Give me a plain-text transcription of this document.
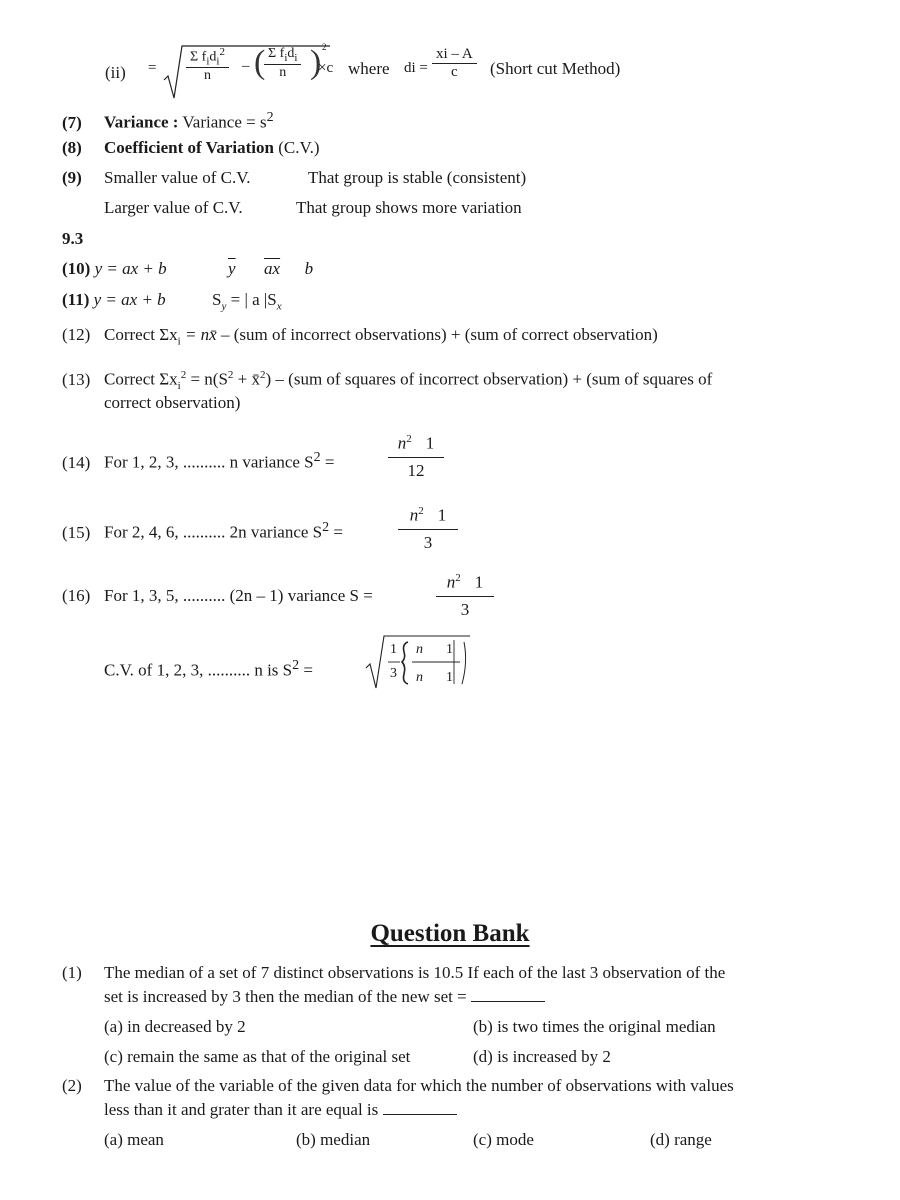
(ii) =
Σ $f_id_i^2$
n
– ( Σ $f_id_i$
n ) 2
×c where di = $\frac{xi - A}{c}$ (Short cut Method)
(7) Variance : Variance = $s^2$
(8) Coefficient of Variation (C.V.)
(9) Smaller value of C.V.	That group is stable (consistent)
Larger value of C.V.	That group shows more variation
9.3
(10) y = ax + b	$\overline{y}$ $\overline{ax}$ b
(11) y = ax + b	$S_y$ = | a $|S_x$
(12) Correct $\Sigma x_i$ = nx̄ – (sum of incorrect observations) + (sum of correct observation)
(13) Correct $\Sigma x_i^2 = n(S^2$ + x̄$^2$) – (sum of squares of incorrect observation) + (sum of squares of
correct observation)
(14) For 1, 2, 3, .......... n variance $S^2$ =
$n^2$ 1
12
(15) For 2, 4, 6, .......... 2n variance $S^2$ =
$n^2$ 1
3
(16) For 1, 3, 5, .......... (2n – 1) variance S =
$n^2$ 1
3
C.V. of 1, 2, 3, .......... n is $S^2$ =
1
3
n 1
n 1
Question Bank
(1) The median of a set of 7 distinct observations is 10.5 If each of the last 3 observation of the
set is increased by 3 then the median of the new set =
(a) in decreased by 2	(b) is two times the original median
(c) remain the same as that of the original set	(d) is increased by 2
(2) The value of the variable of the given data for which the number of observations with values
less than it and grater than it are equal is
(a) mean	(b) median	(c) mode	(d) range
